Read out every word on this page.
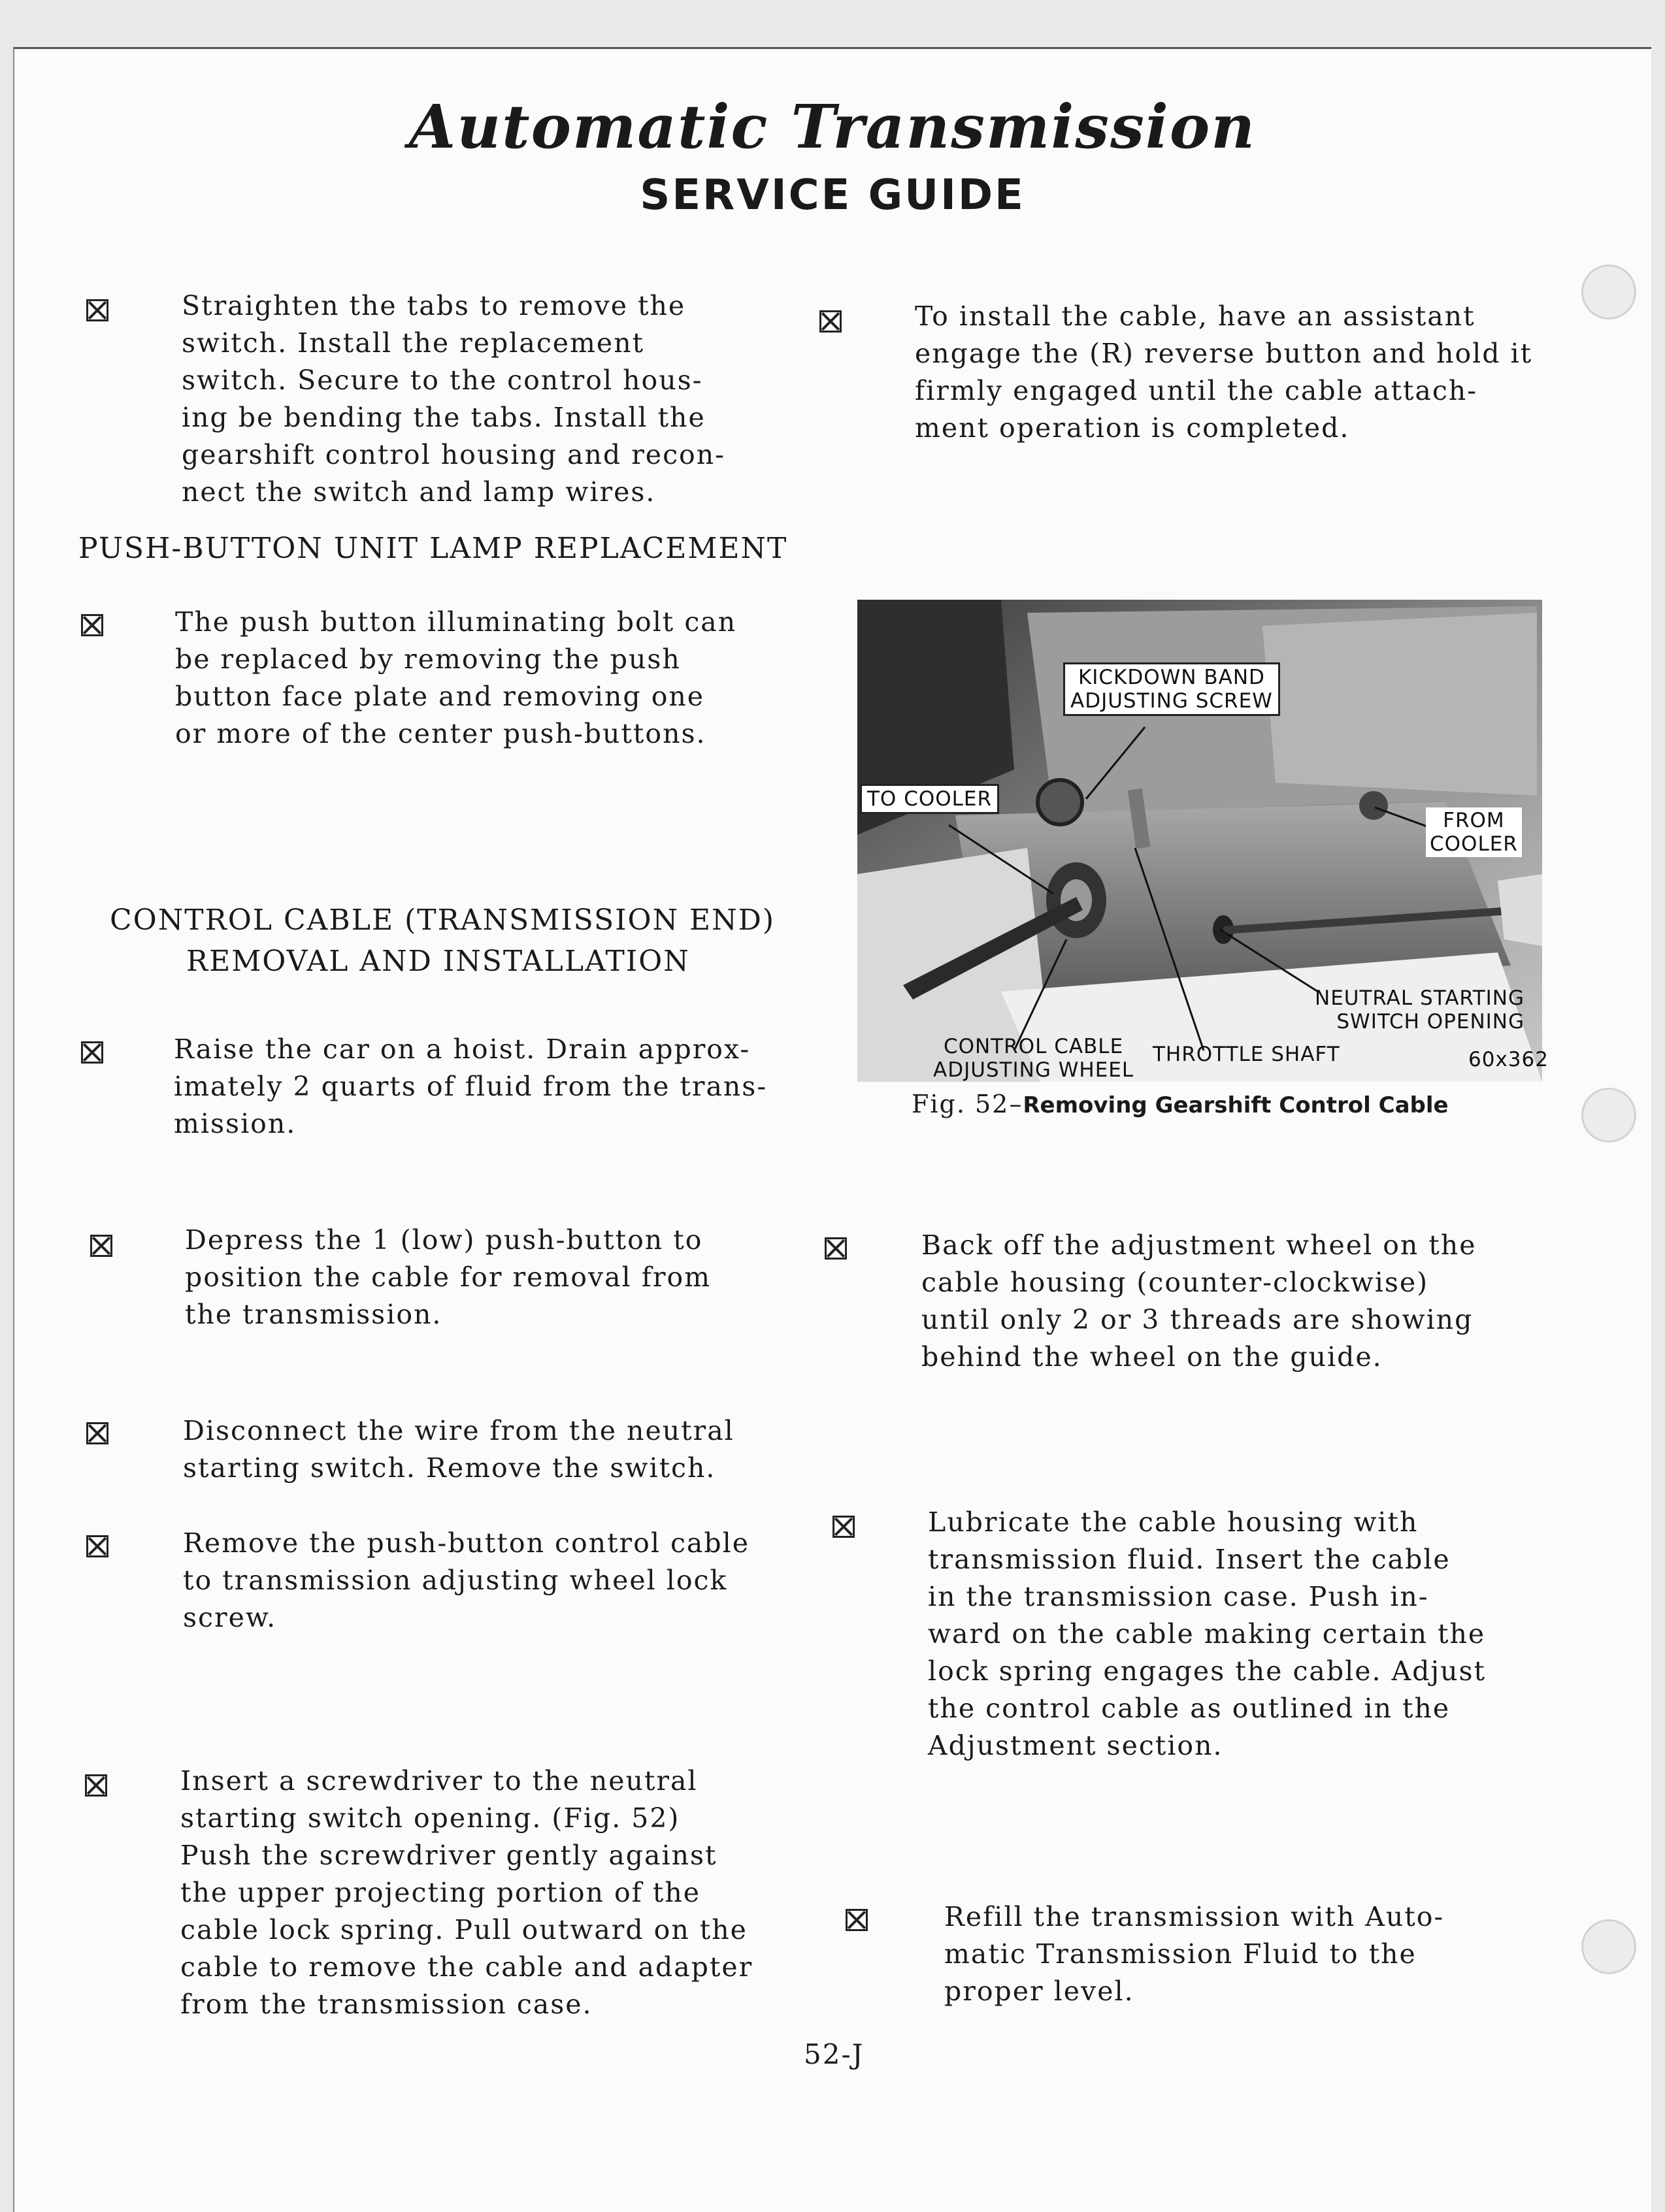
Automatic Transmission
SERVICE GUIDE
Straighten the tabs to remove the
switch. Install the replacement
switch. Secure to the control hous-
ing be bending the tabs. Install the
gearshift control housing and recon-
nect the switch and lamp wires.
PUSH-BUTTON UNIT LAMP REPLACEMENT
The push button illuminating bolt can
be replaced by removing the push
button face plate and removing one
or more of the center push-buttons.
CONTROL CABLE (TRANSMISSION END)
REMOVAL AND INSTALLATION
Raise the car on a hoist. Drain approx-
imately 2 quarts of fluid from the trans-
mission.
Depress the 1 (low) push-button to
position the cable for removal from
the transmission.
Disconnect the wire from the neutral
starting switch. Remove the switch.
Remove the push-button control cable
to transmission adjusting wheel lock
screw.
Insert a screwdriver to the neutral
starting switch opening. (Fig. 52)
Push the screwdriver gently against
the upper projecting portion of the
cable lock spring. Pull outward on the
cable to remove the cable and adapter
from the transmission case.
To install the cable, have an assistant
engage the (R) reverse button and hold it
firmly engaged until the cable attach-
ment operation is completed.
KICKDOWN BAND
ADJUSTING SCREW
TO COOLER
FROM
COOLER
NEUTRAL STARTING
SWITCH OPENING
CONTROL CABLE
ADJUSTING WHEEL
THROTTLE SHAFT	60x362
Fig. 52–Removing Gearshift Control Cable
Back off the adjustment wheel on the
cable housing (counter-clockwise)
until only 2 or 3 threads are showing
behind the wheel on the guide.
Lubricate the cable housing with
transmission fluid. Insert the cable
in the transmission case. Push in-
ward on the cable making certain the
lock spring engages the cable. Adjust
the control cable as outlined in the
Adjustment section.
Refill the transmission with Auto-
matic Transmission Fluid to the
proper level.
52-J
